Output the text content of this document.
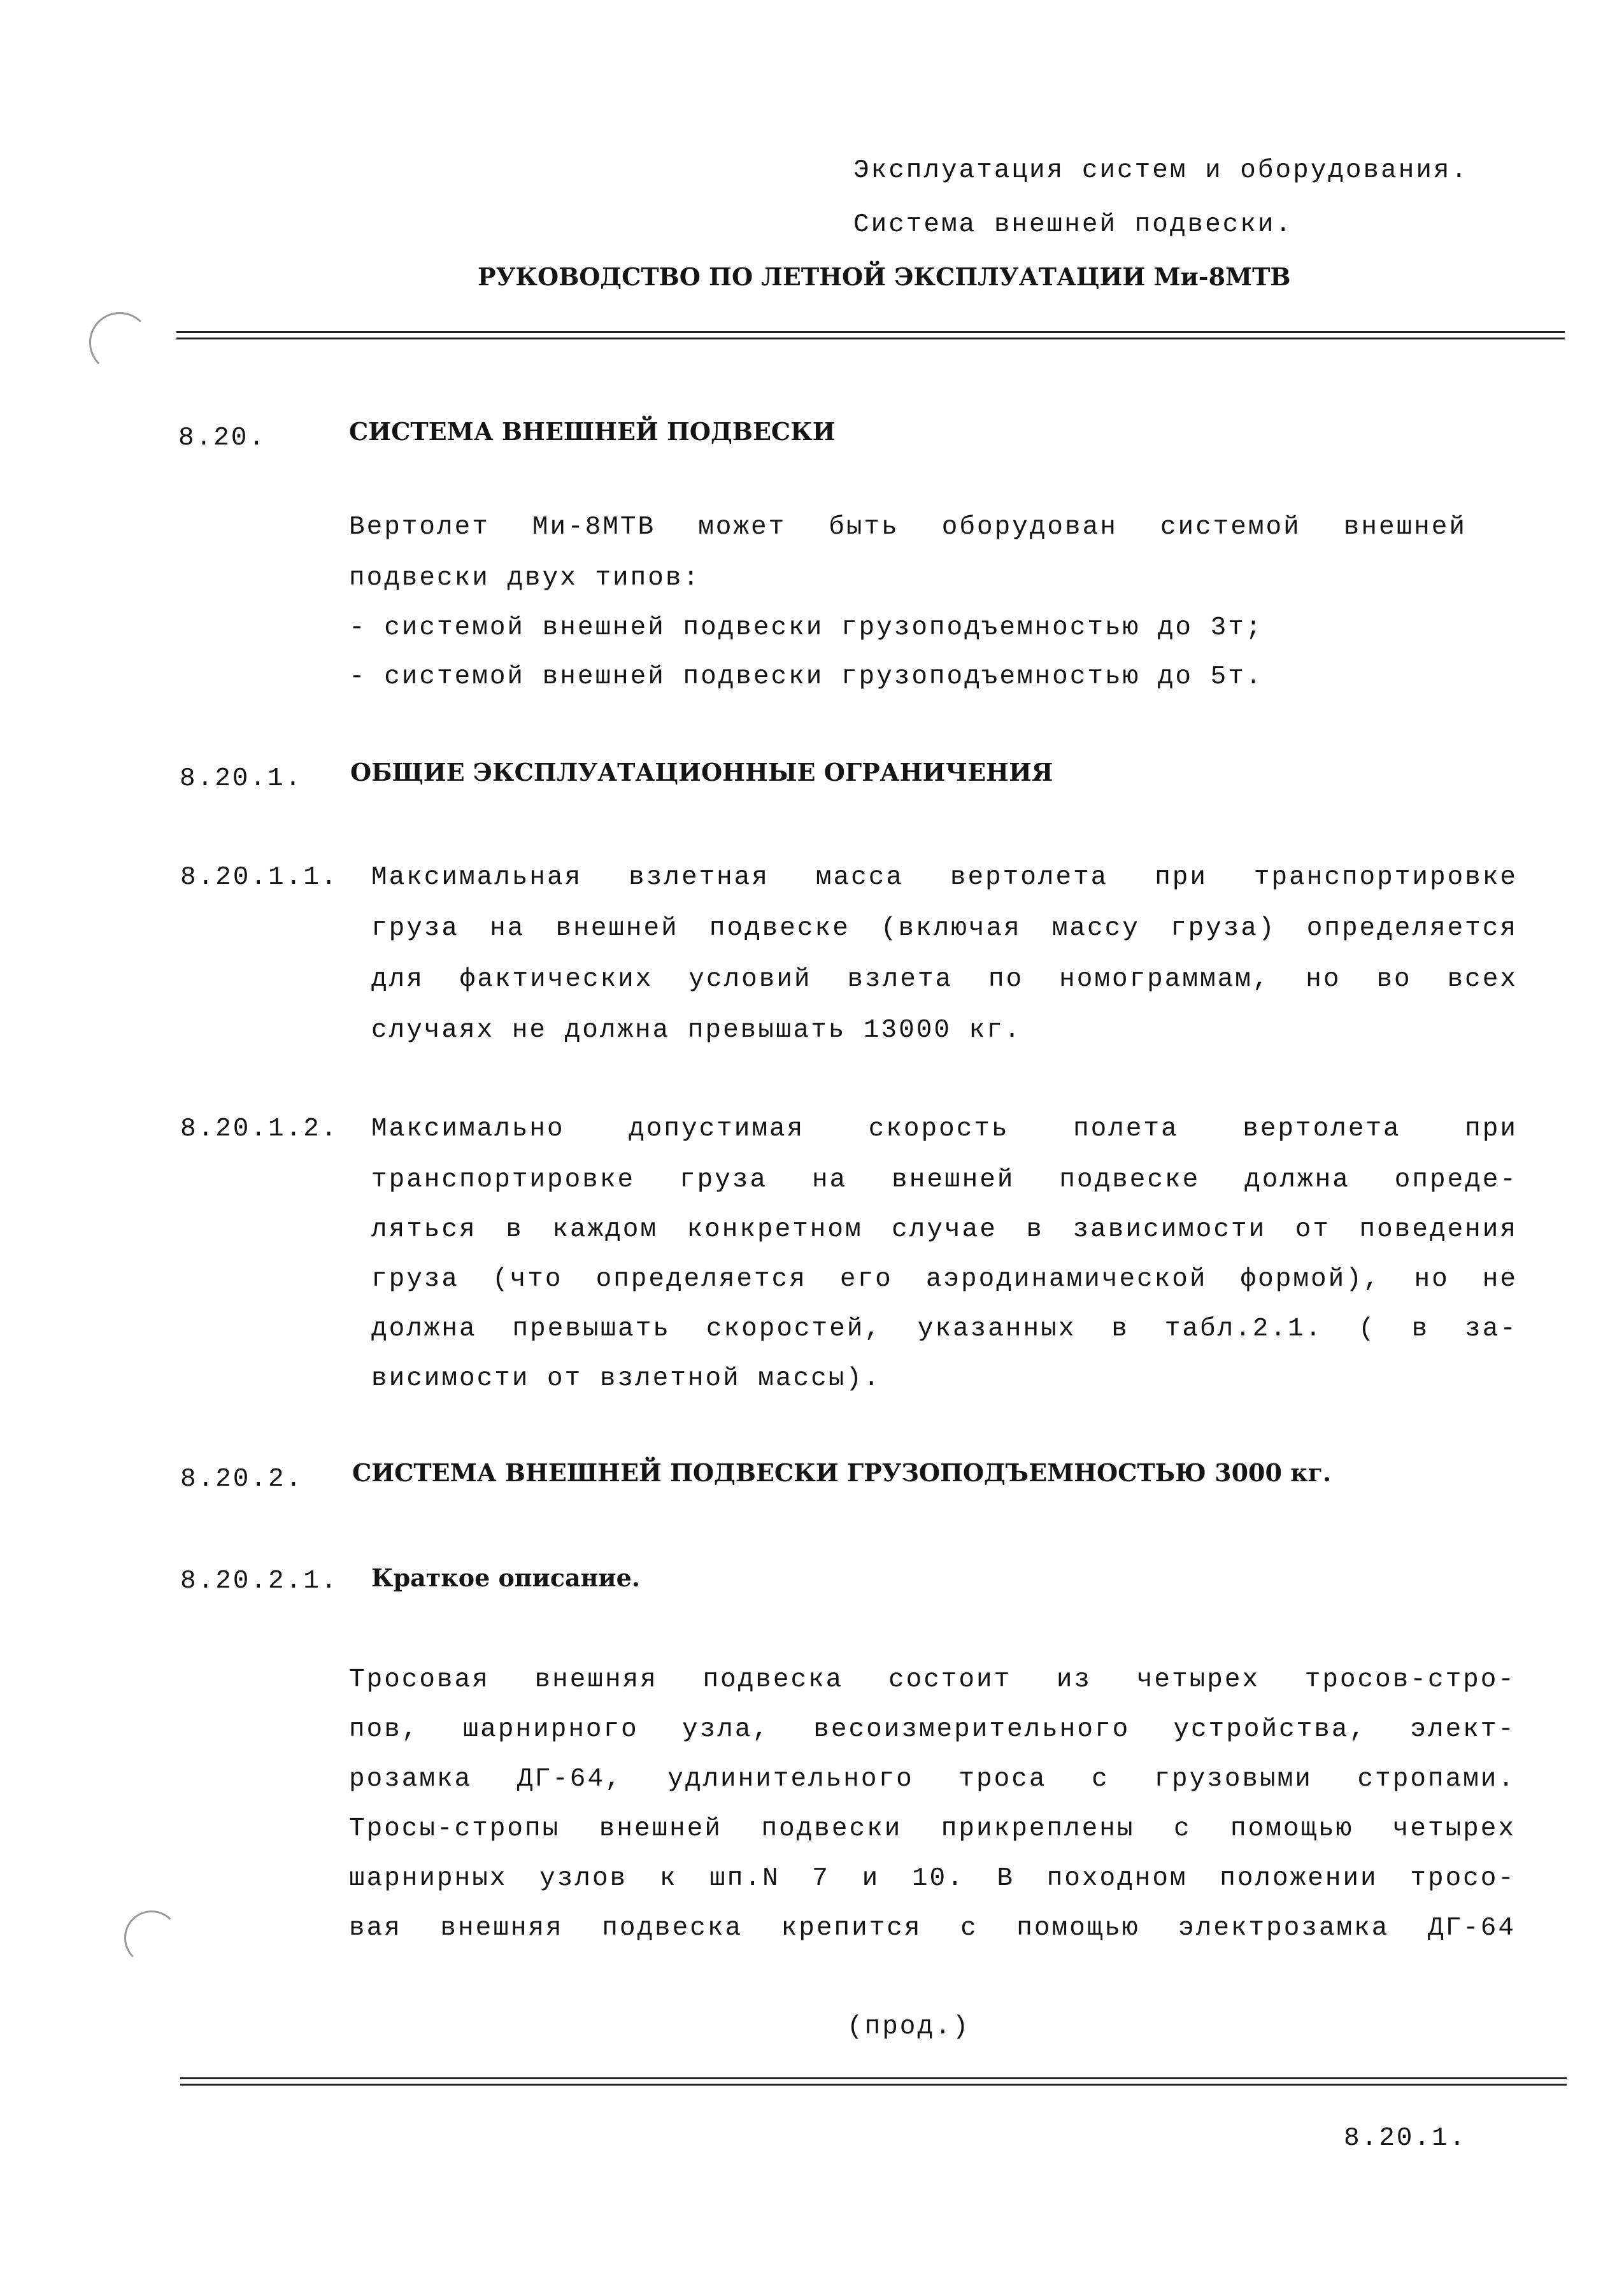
Эксплуатация систем и оборудования.
Система внешней подвески.
РУКОВОДСТВО ПО ЛЕТНОЙ ЭКСПЛУАТАЦИИ Ми-8МТВ
8.20.	СИСТЕМА ВНЕШНЕЙ ПОДВЕСКИ
Вертолет Ми-8МТВ может быть оборудован системой внешней
подвески двух типов:
- системой внешней подвески грузоподъемностью до 3т;
- системой внешней подвески грузоподъемностью до 5т.
8.20.1. ОБЩИЕ ЭКСПЛУАТАЦИОННЫЕ ОГРАНИЧЕНИЯ
8.20.1.1. Максимальная взлетная масса вертолета при транспортировке
груза на внешней подвеске (включая массу груза) определяется
для фактических условий взлета по номограммам, но во всех
случаях не должна превышать 13000 кг.
8.20.1.2. Максимально допустимая скорость полета вертолета при
транспортировке груза на внешней подвеске должна опреде-
ляться в каждом конкретном случае в зависимости от поведения
груза (что определяется его аэродинамической формой), но не
должна превышать скоростей, указанных в табл.2.1. ( в за-
висимости от взлетной массы).
8.20.2. СИСТЕМА ВНЕШНЕЙ ПОДВЕСКИ ГРУЗОПОДЪЕМНОСТЬЮ 3000 кг.
8.20.2.1. Краткое описание.
Тросовая внешняя подвеска состоит из четырех тросов-стро-
пов, шарнирного узла, весоизмерительного устройства, элект-
розамка ДГ-64, удлинительного троса с грузовыми стропами.
Тросы-стропы внешней подвески прикреплены с помощью четырех
шарнирных узлов к шп.N 7 и 10. В походном положении тросо-
вая внешняя подвеска крепится с помощью электрозамка ДГ-64
(прод.)
8.20.1.
